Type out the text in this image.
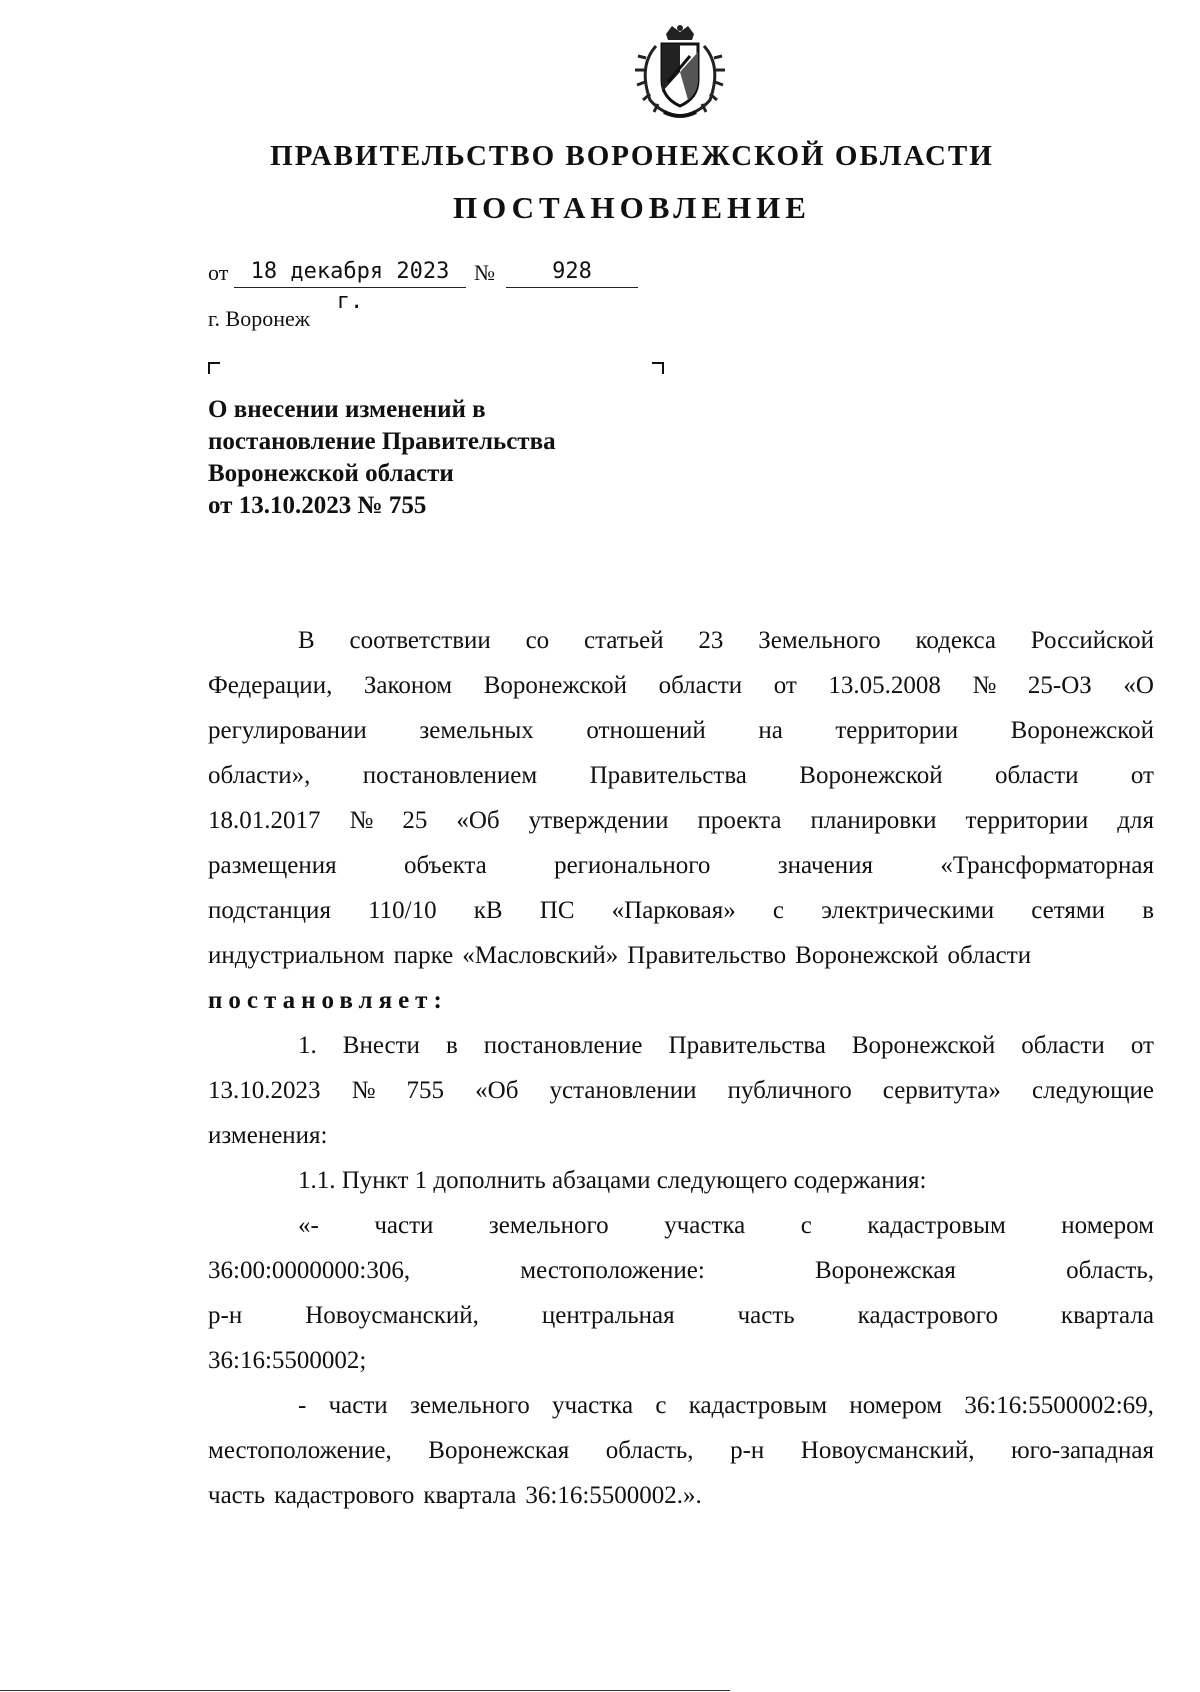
ПРАВИТЕЛЬСТВО ВОРОНЕЖСКОЙ ОБЛАСТИ
ПОСТАНОВЛЕНИЕ
от	18 декабря 2023 г.
№	928
г. Воронеж
О внесении изменений в
постановление Правительства
Воронежской области
от 13.10.2023 № 755
В соответствии со статьей 23 Земельного кодекса Российской
Федерации, Законом Воронежской области от 13.05.2008 № 25-ОЗ «О
регулировании земельных отношений на территории Воронежской
области», постановлением Правительства Воронежской области от
18.01.2017 № 25 «Об утверждении проекта планировки территории для
размещения	объекта	регионального	значения	«Трансформаторная
подстанция 110/10 кВ ПС «Парковая» с электрическими сетями в
индустриальном парке «Масловский» Правительство Воронежской области
постановляет :
1. Внести в постановление Правительства Воронежской области от
13.10.2023 № 755 «Об установлении публичного сервитута» следующие
изменения:
1.1. Пункт 1 дополнить абзацами следующего содержания:
«- части земельного участка с кадастровым номером
36:00:0000000:306,	местоположение:	Воронежская	область,
р-н	Новоусманский,	центральная	часть	кадастрового	квартала
36:16:5500002;
- части земельного участка с кадастровым номером 36:16:5500002:69,
местоположение, Воронежская область, р-н Новоусманский, юго-западная
часть кадастрового квартала 36:16:5500002.».
